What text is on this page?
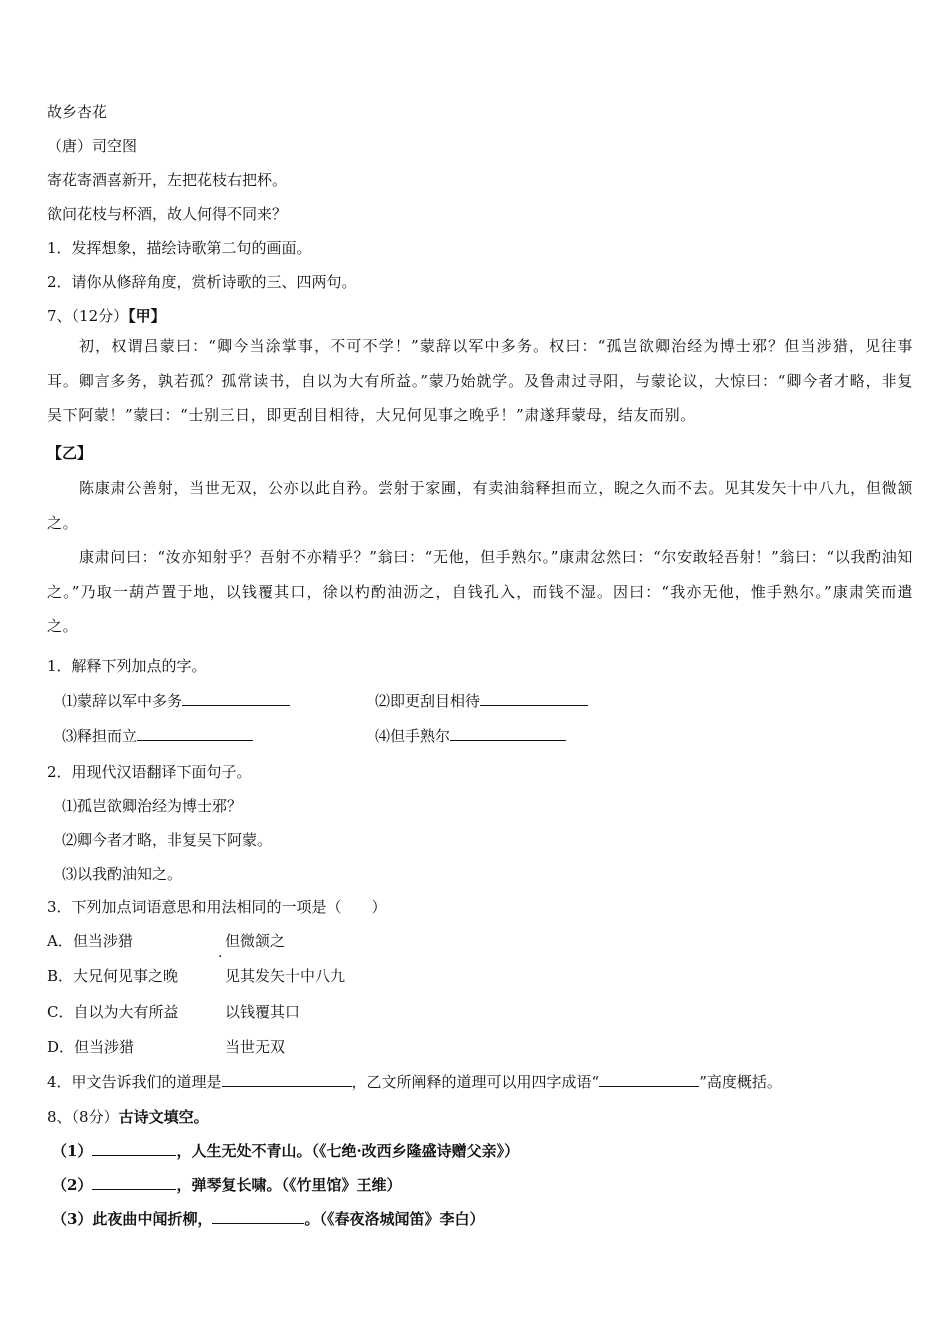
故乡杏花
（唐）司空图
寄花寄酒喜新开，左把花枝右把杯。
欲问花枝与杯酒，故人何得不同来？
1．发挥想象，描绘诗歌第二句的画面。
2．请你从修辞角度，赏析诗歌的三、四两句。
7、（12分）【甲】
初，权谓吕蒙曰：“卿今当涂掌事，不可不学！”蒙辞以军中多务。权曰：“孤岂欲卿治经为博士邪？但当涉猎，见往事耳。卿言多务，孰若孤？孤常读书，自以为大有所益。”蒙乃始就学。及鲁肃过寻阳，与蒙论议，大惊曰：“卿今者才略，非复吴下阿蒙！”蒙曰：“士别三日，即更刮目相待，大兄何见事之晚乎！”肃遂拜蒙母，结友而别。
【乙】
陈康肃公善射，当世无双，公亦以此自矜。尝射于家圃，有卖油翁释担而立，睨之久而不去。见其发矢十中八九，但微颔之。
康肃问曰：“汝亦知射乎？吾射不亦精乎？”翁曰：“无他，但手熟尔。”康肃忿然曰：“尔安敢轻吾射！”翁曰：“以我酌油知之。”乃取一葫芦置于地，以钱覆其口，徐以杓酌油沥之，自钱孔入，而钱不湿。因曰：“我亦无他，惟手熟尔。”康肃笑而遣之。
1．解释下列加点的字。
⑴蒙辞以军中多务	⑵即更刮目相待
⑶释担而立	⑷但手熟尔
2．用现代汉语翻译下面句子。
⑴孤岂欲卿治经为博士邪？
⑵卿今者才略，非复吴下阿蒙。
⑶以我酌油知之。
3．下列加点词语意思和用法相同的一项是（　　）
A．但当涉猎	但微颔之
.
B．大兄何见事之晚	见其发矢十中八九
C．自以为大有所益	以钱覆其口
D．但当涉猎	当世无双
4．甲文告诉我们的道理是	，乙文所阐释的道理可以用四字成语“	”高度概括。
8、（8分）古诗文填空。
（1）	，人生无处不青山。（《七绝·改西乡隆盛诗赠父亲》）
（2）	，弹琴复长啸。（《竹里馆》王维）
（3）此夜曲中闻折柳，	。（《春夜洛城闻笛》李白）
